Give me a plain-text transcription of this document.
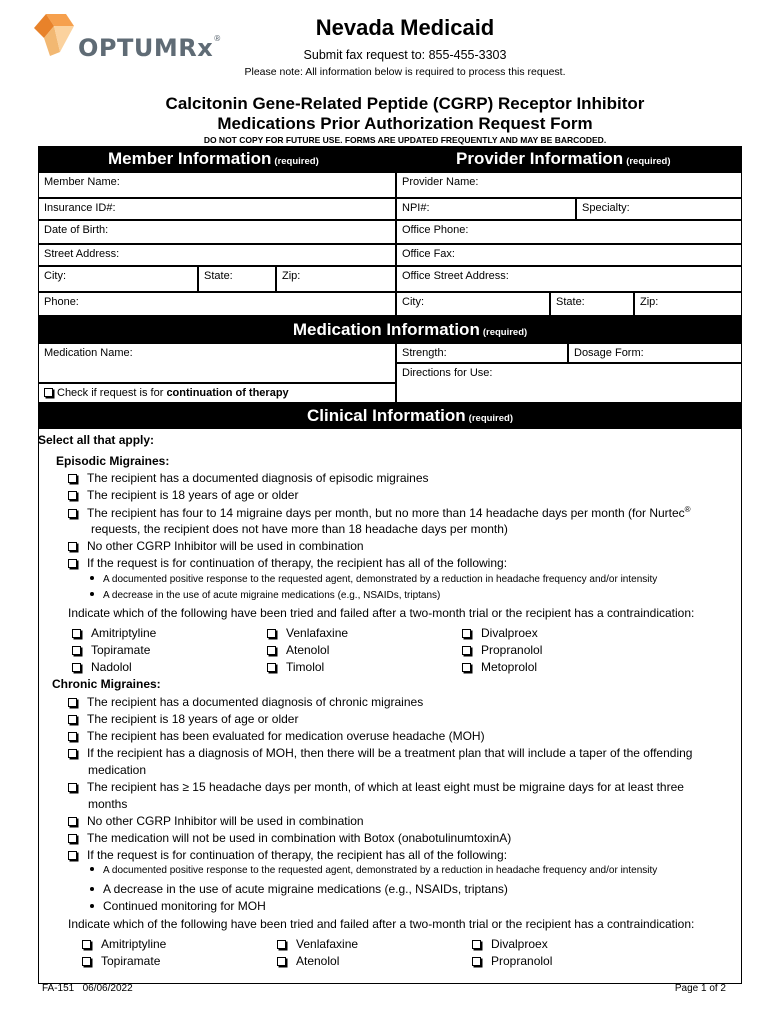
OPTUMRx®	Nevada Medicaid
Submit fax request to: 855-455-3303
Please note: All information below is required to process this request.
Calcitonin Gene-Related Peptide (CGRP) Receptor Inhibitor
Medications Prior Authorization Request Form
DO NOT COPY FOR FUTURE USE. FORMS ARE UPDATED FREQUENTLY AND MAY BE BARCODED.
Member Information (required)	Provider Information (required)
Member Name:
Insurance ID#:
Date of Birth:
Street Address:
City:	State:	Zip:
Phone:
Provider Name:
NPI#:	Specialty:
Office Phone:
Office Fax:
Office Street Address:
City:	State:	Zip:
Medication Information (required)
Medication Name:	Strength:	Dosage Form:
Directions for Use:
Check if request is for continuation of therapy
Clinical Information (required)
Select all that apply:
Episodic Migraines:
The recipient has a documented diagnosis of episodic migraines
The recipient is 18 years of age or older
The recipient has four to 14 migraine days per month, but no more than 14 headache days per month (for Nurtec®
requests, the recipient does not have more than 18 headache days per month)
No other CGRP Inhibitor will be used in combination
If the request is for continuation of therapy, the recipient has all of the following:
A documented positive response to the requested agent, demonstrated by a reduction in headache frequency and/or intensity
A decrease in the use of acute migraine medications (e.g., NSAIDs, triptans)
Indicate which of the following have been tried and failed after a two-month trial or the recipient has a contraindication:
Amitriptyline	Venlafaxine	Divalproex
Topiramate	Atenolol	Propranolol
Nadolol	Timolol	Metoprolol
Chronic Migraines:
The recipient has a documented diagnosis of chronic migraines
The recipient is 18 years of age or older
The recipient has been evaluated for medication overuse headache (MOH)
If the recipient has a diagnosis of MOH, then there will be a treatment plan that will include a taper of the offending
medication
The recipient has ≥ 15 headache days per month, of which at least eight must be migraine days for at least three
months
No other CGRP Inhibitor will be used in combination
The medication will not be used in combination with Botox (onabotulinumtoxinA)
If the request is for continuation of therapy, the recipient has all of the following:
A documented positive response to the requested agent, demonstrated by a reduction in headache frequency and/or intensity
A decrease in the use of acute migraine medications (e.g., NSAIDs, triptans)
Continued monitoring for MOH
Indicate which of the following have been tried and failed after a two-month trial or the recipient has a contraindication:
Amitriptyline	Venlafaxine	Divalproex
Topiramate	Atenolol	Propranolol
FA-151   06/06/2022	Page 1 of 2
